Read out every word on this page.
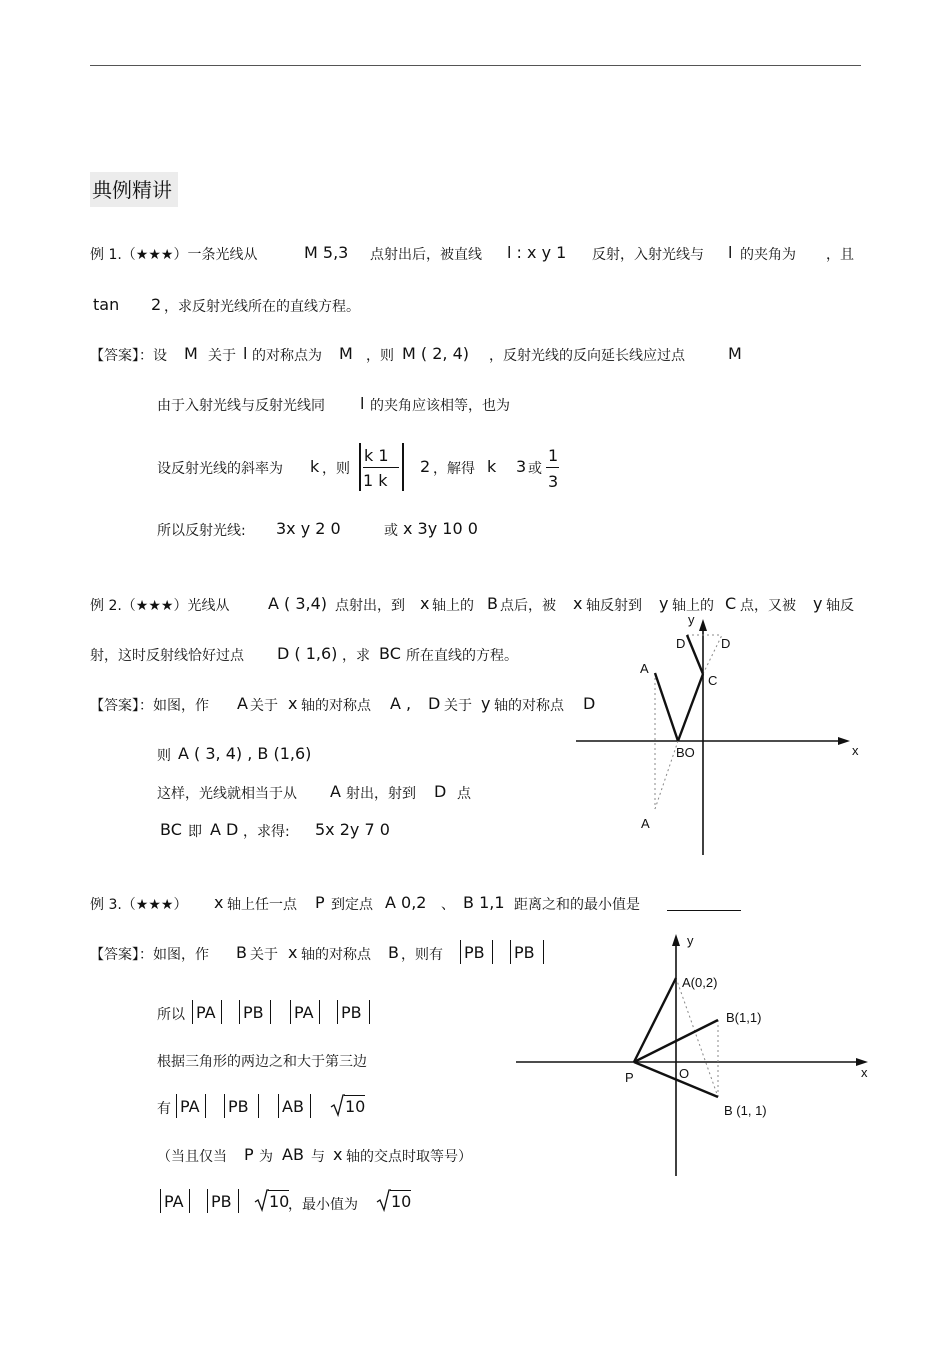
典例精讲
例 1.（★★★）一条光线从	M 5,3 点射出后，被直线 l : x y 1 反射，入射光线与 l 的夹角为 ，且
tan 2 ，求反射光线所在的直线方程。
【答案】：设 M 关于 l 的对称点为 M ，则 M ( 2, 4) ，反射光线的反向延长线应过点	M
由于入射光线与反射光线同 l 的夹角应该相等，也为
设反射光线的斜率为 k ，则
k 1
1 k
2 ，解得 k 3 或
1
3
所以反射光线: 3x y 2 0	或 x 3y 10 0
例 2.（★★★）光线从 A ( 3,4) 点射出，到 x 轴上的 B 点后，被 x 轴反射到 y 轴上的 C 点，又被 y 轴反
射，这时反射线恰好过点 D ( 1,6) ，求 BC 所在直线的方程。
【答案】：如图，作 A 关于 x 轴的对称点 A , D 关于 y 轴的对称点 D
则 A ( 3, 4) , B (1,6)
这样，光线就相当于从 A 射出，射到 D 点
BC 即 A D ，求得: 5x 2y 7 0
y
x
D	D
A
C
BO
A
例 3.（★★★） x 轴上任一点 P 到定点 A 0,2 、 B 1,1 距离之和的最小值是
【答案】：如图，作 B 关于 x 轴的对称点 B ，则有 PB PB
所以 PA PB PA PB
根据三角形的两边之和大于第三边
有 PA PB AB	10
（当且仅当 P 为 AB 与 x 轴的交点时取等号）
PA PB 10
，最小值为 10
y
x
A(0,2)
B(1,1)
P	O
B (1, 1)
